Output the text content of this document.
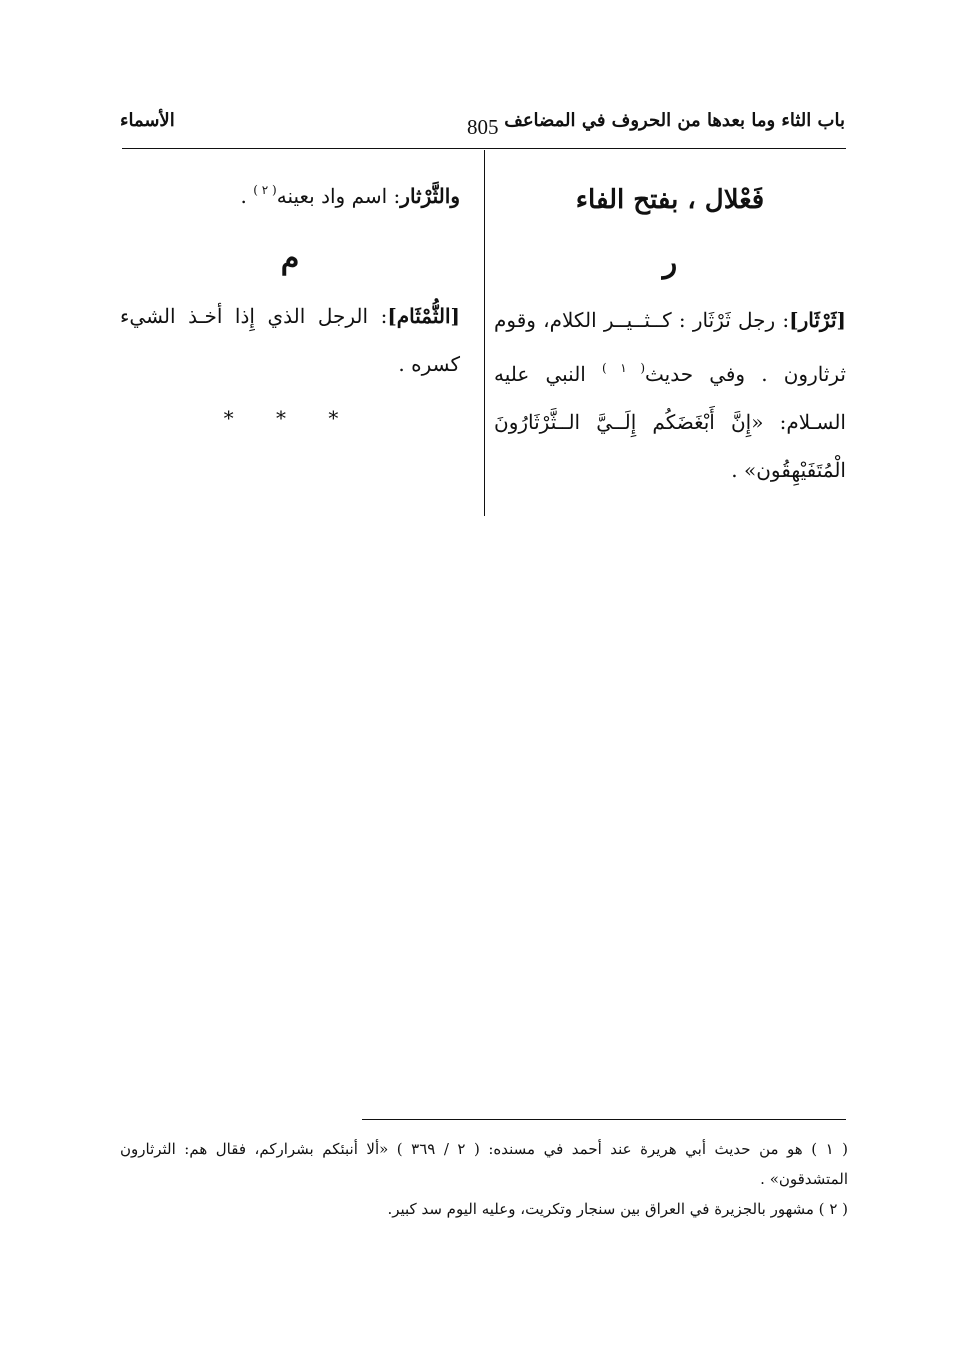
باب الثاء وما بعدها من الحروف في المضاعف
805
الأسماء

فَعْلال ، بفتح الفاء

ر

[ثَرْثَار]: رجل ثَرْثَار : كــثــيــر الكلام، وقوم ثرثارون . وفي حديث$^{( ١ )}$ النبي عليه السـلام: «إِنَّ أَبْغَضَكُم إِلَــيَّ الــثَّرْثَارُونَ الْمُتَفَيْهِقُون» .

والثَّرْثار: اسم واد بعينه$^{( ٢ )}$ .

م

[الثُّمْثَام]: الرجل الذي إِذا أخـذ الشيء كسره .

* * *

( ١ ) هو من حديث أبي هريرة عند أحمد في مسنده: ( ٢ / ٣٦٩ ) «ألا أنبئكم بشراركم، فقال هم: الثرثارون المتشدقون» .

( ٢ ) مشهور بالجزيرة في العراق بين سنجار وتكريت، وعليه اليوم سد كبير.
